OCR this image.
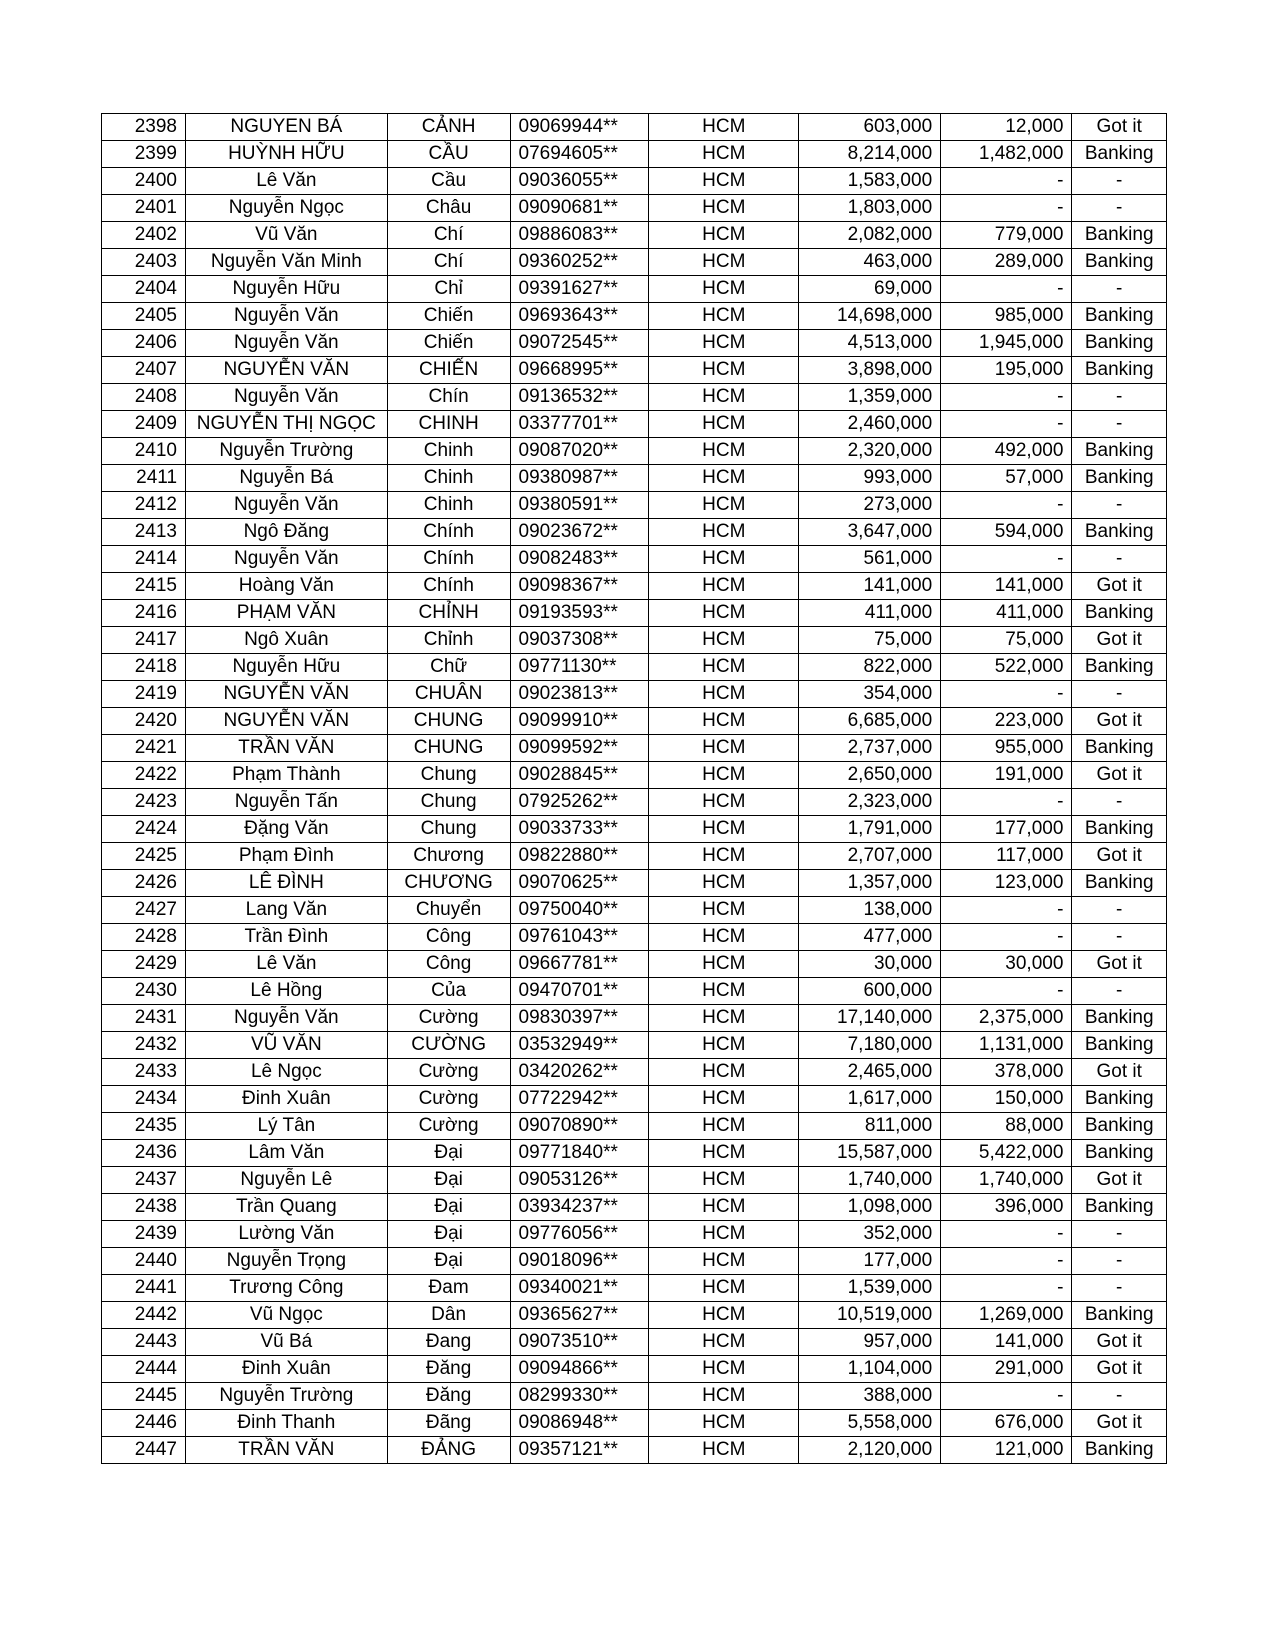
2398	NGUYEN BÁ	CẢNH	09069944**	HCM	603,000	12,000	Got it
2399	HUỲNH HỮU	CẦU	07694605**	HCM	8,214,000	1,482,000	Banking
2400	Lê Văn	Cầu	09036055**	HCM	1,583,000	-	-
2401	Nguyễn Ngọc	Châu	09090681**	HCM	1,803,000	-	-
2402	Vũ Văn	Chí	09886083**	HCM	2,082,000	779,000	Banking
2403	Nguyễn Văn Minh	Chí	09360252**	HCM	463,000	289,000	Banking
2404	Nguyễn Hữu	Chỉ	09391627**	HCM	69,000	-	-
2405	Nguyễn Văn	Chiến	09693643**	HCM	14,698,000	985,000	Banking
2406	Nguyễn Văn	Chiến	09072545**	HCM	4,513,000	1,945,000	Banking
2407	NGUYỄN VĂN	CHIẾN	09668995**	HCM	3,898,000	195,000	Banking
2408	Nguyễn Văn	Chín	09136532**	HCM	1,359,000	-	-
2409	NGUYỄN THỊ NGỌC	CHINH	03377701**	HCM	2,460,000	-	-
2410	Nguyễn Trường	Chinh	09087020**	HCM	2,320,000	492,000	Banking
2411	Nguyễn Bá	Chinh	09380987**	HCM	993,000	57,000	Banking
2412	Nguyễn Văn	Chinh	09380591**	HCM	273,000	-	-
2413	Ngô Đăng	Chính	09023672**	HCM	3,647,000	594,000	Banking
2414	Nguyễn Văn	Chính	09082483**	HCM	561,000	-	-
2415	Hoàng Văn	Chính	09098367**	HCM	141,000	141,000	Got it
2416	PHẠM VĂN	CHỈNH	09193593**	HCM	411,000	411,000	Banking
2417	Ngô Xuân	Chỉnh	09037308**	HCM	75,000	75,000	Got it
2418	Nguyễn Hữu	Chữ	09771130**	HCM	822,000	522,000	Banking
2419	NGUYỄN VĂN	CHUÂN	09023813**	HCM	354,000	-	-
2420	NGUYỄN VĂN	CHUNG	09099910**	HCM	6,685,000	223,000	Got it
2421	TRẦN VĂN	CHUNG	09099592**	HCM	2,737,000	955,000	Banking
2422	Phạm Thành	Chung	09028845**	HCM	2,650,000	191,000	Got it
2423	Nguyễn Tấn	Chung	07925262**	HCM	2,323,000	-	-
2424	Đặng Văn	Chung	09033733**	HCM	1,791,000	177,000	Banking
2425	Phạm Đình	Chương	09822880**	HCM	2,707,000	117,000	Got it
2426	LÊ ĐÌNH	CHƯƠNG	09070625**	HCM	1,357,000	123,000	Banking
2427	Lang Văn	Chuyển	09750040**	HCM	138,000	-	-
2428	Trần Đình	Công	09761043**	HCM	477,000	-	-
2429	Lê Văn	Công	09667781**	HCM	30,000	30,000	Got it
2430	Lê Hồng	Của	09470701**	HCM	600,000	-	-
2431	Nguyễn Văn	Cường	09830397**	HCM	17,140,000	2,375,000	Banking
2432	VŨ VĂN	CƯỜNG	03532949**	HCM	7,180,000	1,131,000	Banking
2433	Lê Ngọc	Cường	03420262**	HCM	2,465,000	378,000	Got it
2434	Đinh Xuân	Cường	07722942**	HCM	1,617,000	150,000	Banking
2435	Lý Tân	Cường	09070890**	HCM	811,000	88,000	Banking
2436	Lâm Văn	Đại	09771840**	HCM	15,587,000	5,422,000	Banking
2437	Nguyễn Lê	Đại	09053126**	HCM	1,740,000	1,740,000	Got it
2438	Trần Quang	Đại	03934237**	HCM	1,098,000	396,000	Banking
2439	Lường Văn	Đại	09776056**	HCM	352,000	-	-
2440	Nguyễn Trọng	Đại	09018096**	HCM	177,000	-	-
2441	Trương Công	Đam	09340021**	HCM	1,539,000	-	-
2442	Vũ Ngọc	Dân	09365627**	HCM	10,519,000	1,269,000	Banking
2443	Vũ Bá	Đang	09073510**	HCM	957,000	141,000	Got it
2444	Đinh Xuân	Đăng	09094866**	HCM	1,104,000	291,000	Got it
2445	Nguyễn Trường	Đăng	08299330**	HCM	388,000	-	-
2446	Đinh Thanh	Đãng	09086948**	HCM	5,558,000	676,000	Got it
2447	TRẦN VĂN	ĐẢNG	09357121**	HCM	2,120,000	121,000	Banking
